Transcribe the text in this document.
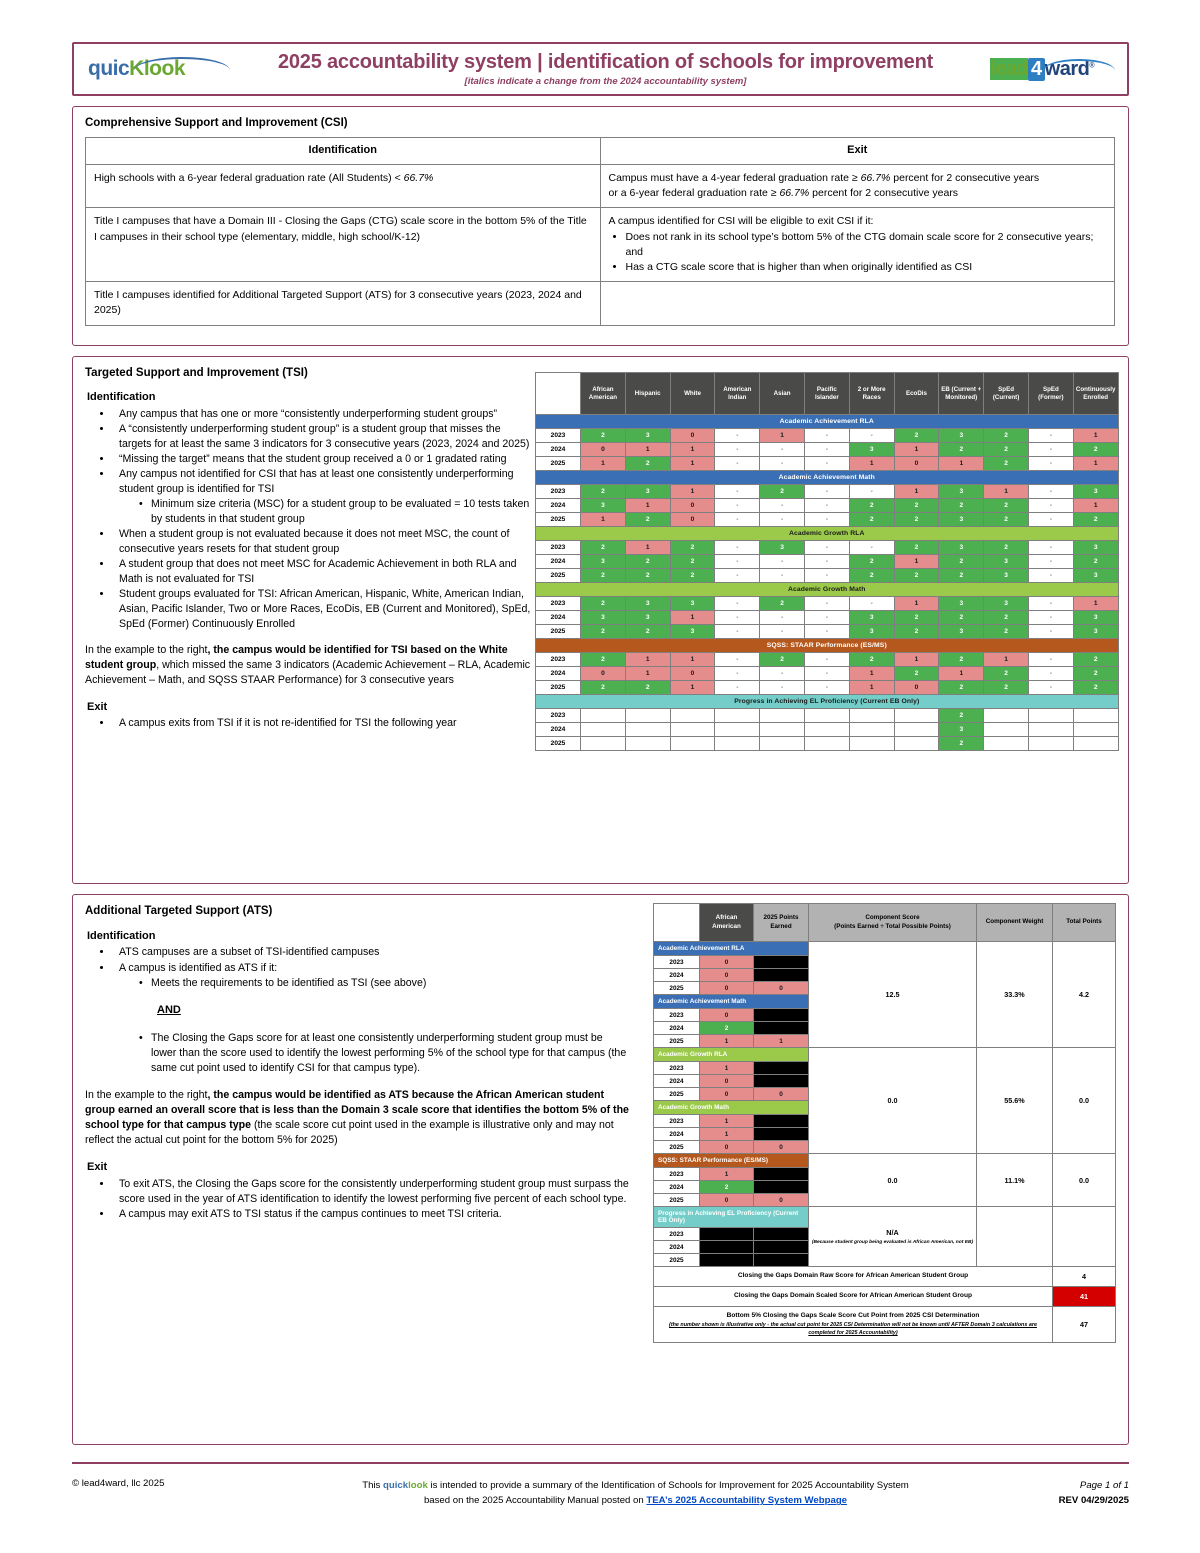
quicKlook	2025 accountability system | identification of schools for improvement
[italics indicate a change from the 2024 accountability system]
lead 4 ward®
Comprehensive Support and Improvement (CSI)
Identification	Exit
High schools with a 6-year federal graduation rate (All Students) < 66.7%	Campus must have a 4-year federal graduation rate ≥ 66.7% percent for 2 consecutive years
or a 6-year federal graduation rate ≥ 66.7% percent for 2 consecutive years

Title I campuses that have a Domain III - Closing the Gaps (CTG) scale score in the bottom 5% of the Title I campuses in their school type (elementary, middle, high school/K-12)	
A campus identified for CSI will be eligible to exit CSI if it:
• Does not rank in its school type’s bottom 5% of the CTG domain scale score for 2 consecutive years; and
• Has a CTG scale score that is higher than when originally identified as CSI

Title I campuses identified for Additional Targeted Support (ATS) for 3 consecutive years (2023, 2024 and 2025)	
Targeted Support and Improvement (TSI)
Identification
• Any campus that has one or more “consistently underperforming student groups”
• A “consistently underperforming student group” is a student group that misses the targets for at least the same 3 indicators for 3 consecutive years (2023, 2024 and 2025)
• “Missing the target” means that the student group received a 0 or 1 gradated rating
• Any campus not identified for CSI that has at least one consistently underperforming student group is identified for TSI
• Minimum size criteria (MSC) for a student group to be evaluated = 10 tests taken by students in that student group
• When a student group is not evaluated because it does not meet MSC, the count of consecutive years resets for that student group
• A student group that does not meet MSC for Academic Achievement in both RLA and Math is not evaluated for TSI
• Student groups evaluated for TSI: African American, Hispanic, White, American Indian, Asian, Pacific Islander, Two or More Races, EcoDis, EB (Current and Monitored), SpEd, SpEd (Former) Continuously Enrolled
In the example to the right, the campus would be identified for TSI based on the White student group, which missed the same 3 indicators (Academic Achievement – RLA, Academic Achievement – Math, and SQSS STAAR Performance) for 3 consecutive years
Exit
• A campus exits from TSI if it is not re-identified for TSI the following year
	African American	Hispanic	White	American Indian	Asian	Pacific Islander	2 or More Races	EcoDis	EB (Current + Monitored)	SpEd (Current)	SpEd (Former)	Continuously Enrolled
Academic Achievement RLA												
2023	2	3	0	-	1	-	-	2	3	2	-	1
2024	0	1	1	-	-	-	3	1	2	2	-	2
2025	1	2	1	-	-	-	1	0	1	2	-	1
Academic Achievement Math												
2023	2	3	1	-	2	-	-	1	3	1	-	3
2024	3	1	0	-	-	-	2	2	2	2	-	1
2025	1	2	0	-	-	-	2	2	3	2	-	2
Academic Growth RLA												
2023	2	1	2	-	3	-	-	2	3	2	-	3
2024	3	2	2	-	-	-	2	1	2	3	-	2
2025	2	2	2	-	-	-	2	2	2	3	-	3
Academic Growth Math												
2023	2	3	3	-	2	-	-	1	3	3	-	1
2024	3	3	1	-	-	-	3	2	2	2	-	3
2025	2	2	3	-	-	-	3	2	3	2	-	3
SQSS: STAAR Performance (ES/MS)												
2023	2	1	1	-	2	-	2	1	2	1	-	2
2024	0	1	0	-	-	-	1	2	1	2	-	2
2025	2	2	1	-	-	-	1	0	2	2	-	2
Progress in Achieving EL Proficiency (Current EB Only)												
2023									2			
2024									3			
2025									2			
Additional Targeted Support (ATS)
Identification
• ATS campuses are a subset of TSI-identified campuses
• A campus is identified as ATS if it:
• Meets the requirements to be identified as TSI (see above)
AND
• The Closing the Gaps score for at least one consistently underperforming student group must be lower than the score used to identify the lowest performing 5% of the school type for that campus (the same cut point used to identify CSI for that campus type).
In the example to the right, the campus would be identified as ATS because the African American student group earned an overall score that is less than the Domain 3 scale score that identifies the bottom 5% of the school type for that campus type (the scale score cut point used in the example is illustrative only and may not reflect the actual cut point for the bottom 5% for 2025)
Exit
• To exit ATS, the Closing the Gaps score for the consistently underperforming student group must surpass the score used in the year of ATS identification to identify the lowest performing five percent of each school type.
• A campus may exit ATS to TSI status if the campus continues to meet TSI criteria.
	African American	2025 Points Earned	Component Score
(Points Earned ÷ Total Possible Points)	Component Weight	Total Points
Academic Achievement RLA			12.5	33.3%	4.2
2023	0				
2024	0				
2025	0	0			
Academic Achievement Math					
2023	0				
2024	2				
2025	1	1			
Academic Growth RLA			0.0	55.6%	0.0
2023	1				
2024	0				
2025	0	0			
Academic Growth Math					
2023	1				
2024	1				
2025	0	0			
SQSS: STAAR Performance (ES/MS)			0.0	11.1%	0.0
2023	1				
2024	2				
2025	0	0			
Progress in Achieving EL Proficiency (Current EB Only)			N/A
(Because student group being evaluated is African American, not EB)		

2023					
2024					
2025					
Closing the Gaps Domain Raw Score for African American Student Group					4
Closing the Gaps Domain Scaled Score for African American Student Group					41
Bottom 5% Closing the Gaps Scale Score Cut Point from 2025 CSI Determination
(the number shown is illustrative only - the actual cut point for 2025 CSI Determination will not be known until AFTER Domain 3 calculations are completed for 2025 Accountability)					47
© lead4ward, llc 2025	This quicklook is intended to provide a summary of the Identification of Schools for Improvement for 2025 Accountability System
based on the 2025 Accountability Manual posted on TEA’s 2025 Accountability System Webpage
Page 1 of 1
REV 04/29/2025
